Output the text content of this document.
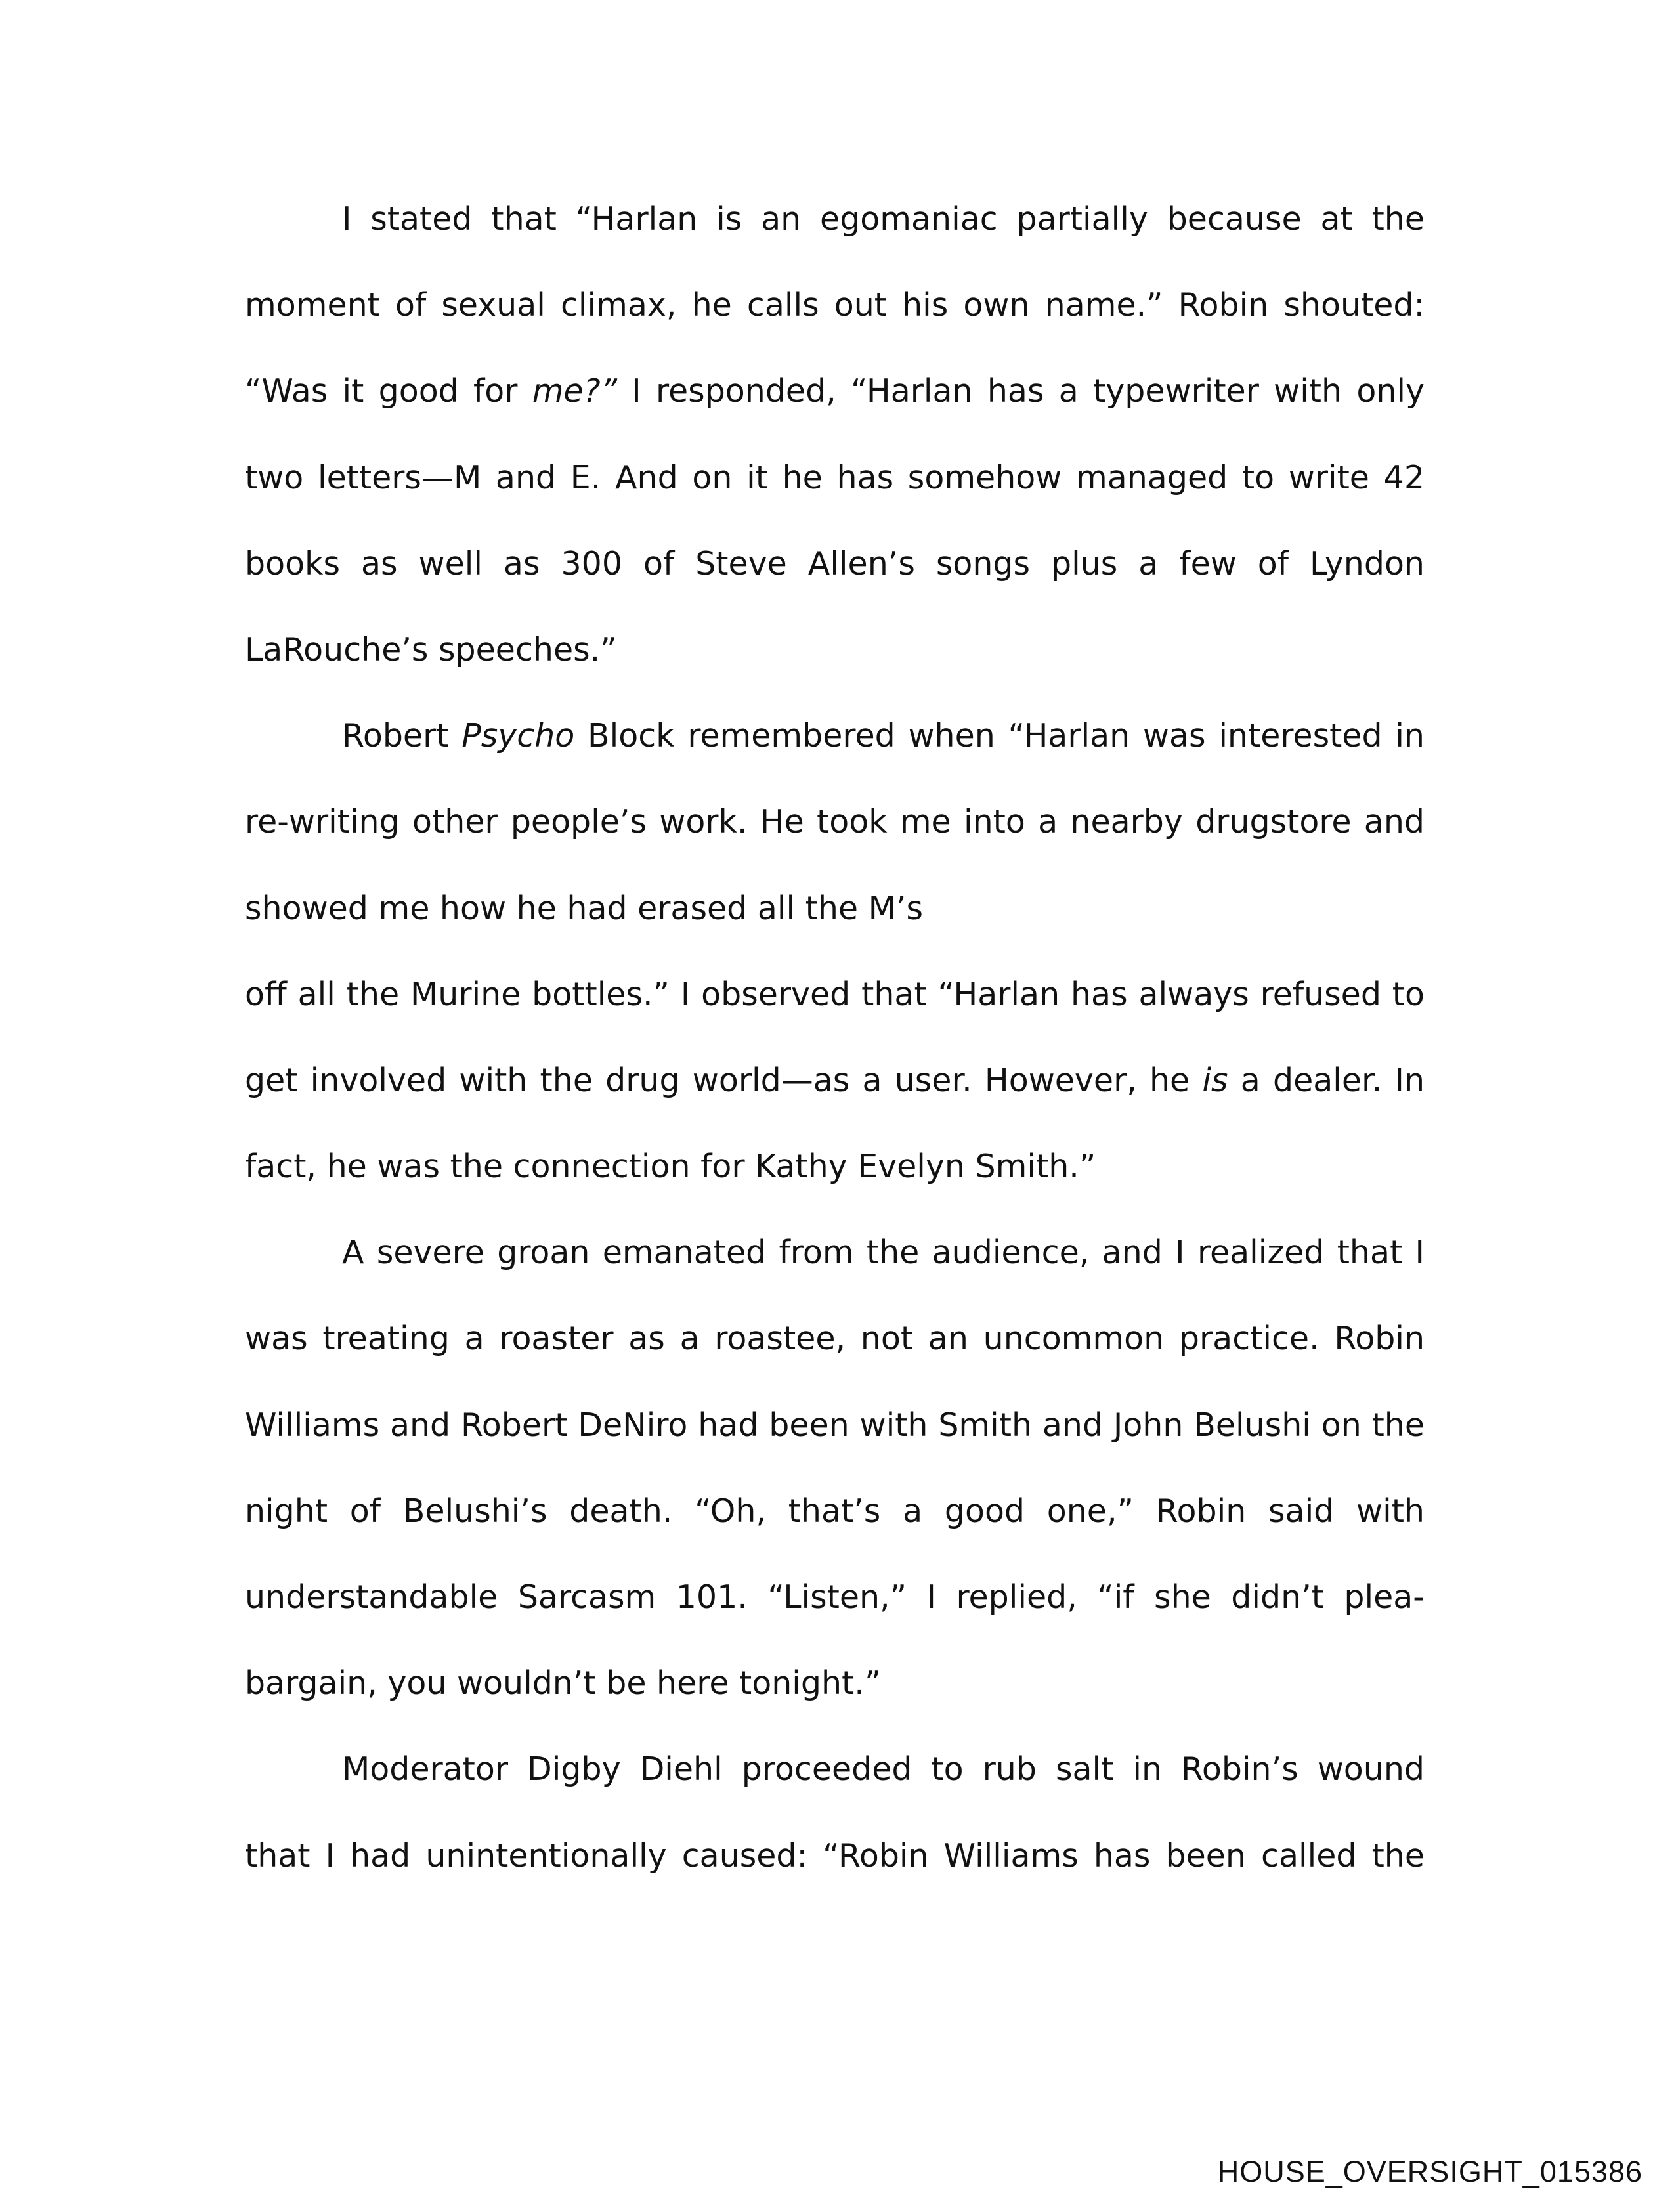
I stated that “Harlan is an egomaniac partially because at the
moment of sexual climax, he calls out his own name.” Robin shouted:
“Was it good for me?” I responded, “Harlan has a typewriter with only
two letters—M and E. And on it he has somehow managed to write 42
books as well as 300 of Steve Allen’s songs plus a few of Lyndon
LaRouche’s speeches.”
Robert Psycho Block remembered when “Harlan was interested in
re-writing other people’s work. He took me into a nearby drugstore and
showed me how he had erased all the M’s
off all the Murine bottles.” I observed that “Harlan has always refused to
get involved with the drug world—as a user. However, he is a dealer. In
fact, he was the connection for Kathy Evelyn Smith.”
A severe groan emanated from the audience, and I realized that I
was treating a roaster as a roastee, not an uncommon practice. Robin
Williams and Robert DeNiro had been with Smith and John Belushi on the
night of Belushi’s death. “Oh, that’s a good one,” Robin said with
understandable Sarcasm 101. “Listen,” I replied, “if she didn’t plea-
bargain, you wouldn’t be here tonight.”
Moderator Digby Diehl proceeded to rub salt in Robin’s wound
that I had unintentionally caused: “Robin Williams has been called the
HOUSE_OVERSIGHT_015386
